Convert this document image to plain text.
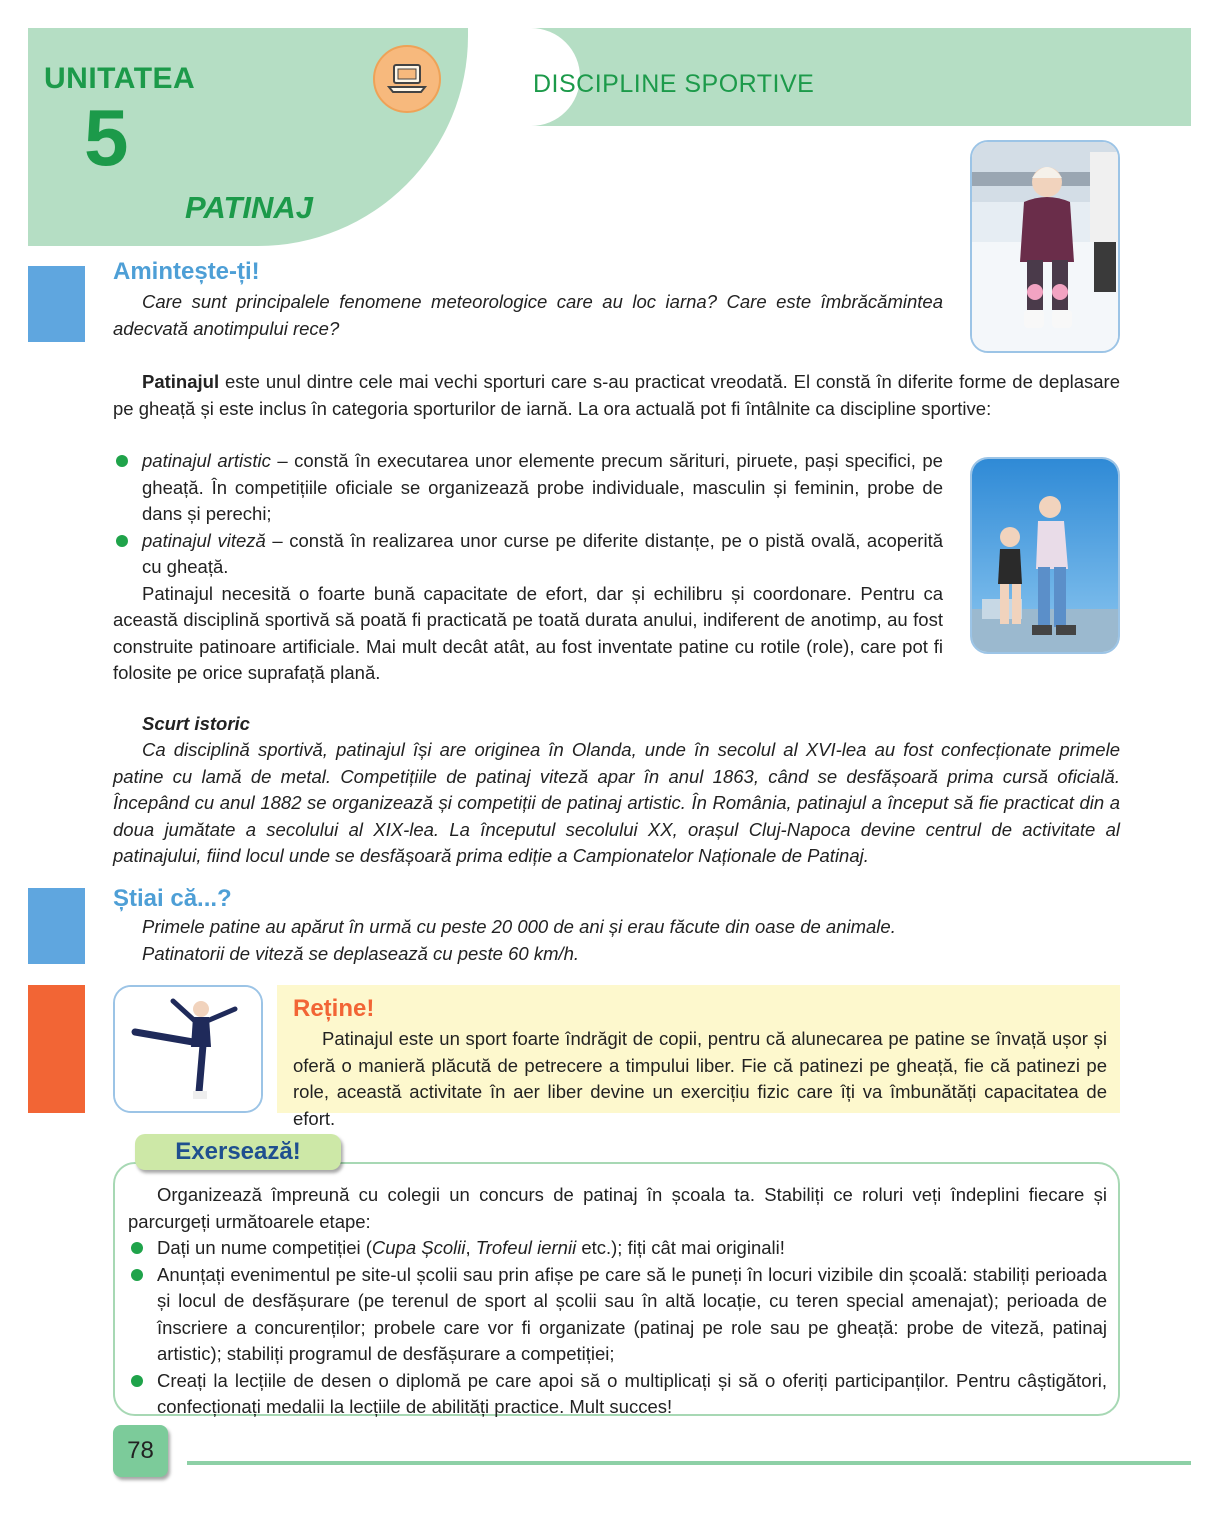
DISCIPLINE SPORTIVE
UNITATEA
5
PATINAJ
Amintește-ți!
Care sunt principalele fenomene meteorologice care au loc iarna? Care este îmbrăcămintea adecvată anotimpului rece?
Patinajul este unul dintre cele mai vechi sporturi care s-au practicat vreodată. El constă în diferite forme de deplasare pe gheață și este inclus în categoria sporturilor de iarnă. La ora actuală pot fi întâlnite ca discipline sportive:
patinajul artistic – constă în executarea unor elemente precum sărituri, piruete, pași specifici, pe gheață. În competițiile oficiale se organizează probe individuale, masculin și feminin, probe de dans și perechi;
patinajul viteză – constă în realizarea unor curse pe diferite distanțe, pe o pistă ovală, acoperită cu gheață.

Patinajul necesită o foarte bună capacitate de efort, dar și echilibru și coordonare. Pentru ca această disciplină sportivă să poată fi practicată pe toată durata anului, indiferent de anotimp, au fost construite patinoare artificiale. Mai mult decât atât, au fost inventate patine cu rotile (role), care pot fi folosite pe orice suprafață plană.

Scurt istoric
Ca disciplină sportivă, patinajul își are originea în Olanda, unde în secolul al XVI-lea au fost confecționate primele patine cu lamă de metal. Competițiile de patinaj viteză apar în anul 1863, când se desfășoară prima cursă oficială. Începând cu anul 1882 se organizează și competiții de patinaj artistic. În România, patinajul a început să fie practicat din a doua jumătate a secolului al XIX-lea. La începutul secolului XX, orașul Cluj-Napoca devine centrul de activitate al patinajului, fiind locul unde se desfășoară prima ediție a Campionatelor Naționale de Patinaj.
Știai că...?
Primele patine au apărut în urmă cu peste 20 000 de ani și erau făcute din oase de animale.
Patinatorii de viteză se deplasează cu peste 60 km/h.
Reține!
Patinajul este un sport foarte îndrăgit de copii, pentru că alunecarea pe patine se învață ușor și oferă o manieră plăcută de petrecere a timpului liber. Fie că patinezi pe gheață, fie că patinezi pe role, această activitate în aer liber devine un exercițiu fizic care îți va îmbunătăți capacitatea de efort.
Exersează!

Organizează împreună cu colegii un concurs de patinaj în școala ta. Stabiliți ce roluri veți îndeplini fiecare și parcurgeți următoarele etape:

Dați un nume competiției (Cupa Școlii, Trofeul iernii etc.); fiți cât mai originali!
Anunțați evenimentul pe site-ul școlii sau prin afișe pe care să le puneți în locuri vizibile din școală: stabiliți perioada și locul de desfășurare (pe terenul de sport al școlii sau în altă locație, cu teren special amenajat); perioada de înscriere a concurenților; probele care vor fi organizate (patinaj pe role sau pe gheață: probe de viteză, patinaj artistic); stabiliți programul de desfășurare a competiției;
Creați la lecțiile de desen o diplomă pe care apoi să o multiplicați și să o oferiți participanților. Pentru câștigători, confecționați medalii la lecțiile de abilități practice. Mult succes!
78
